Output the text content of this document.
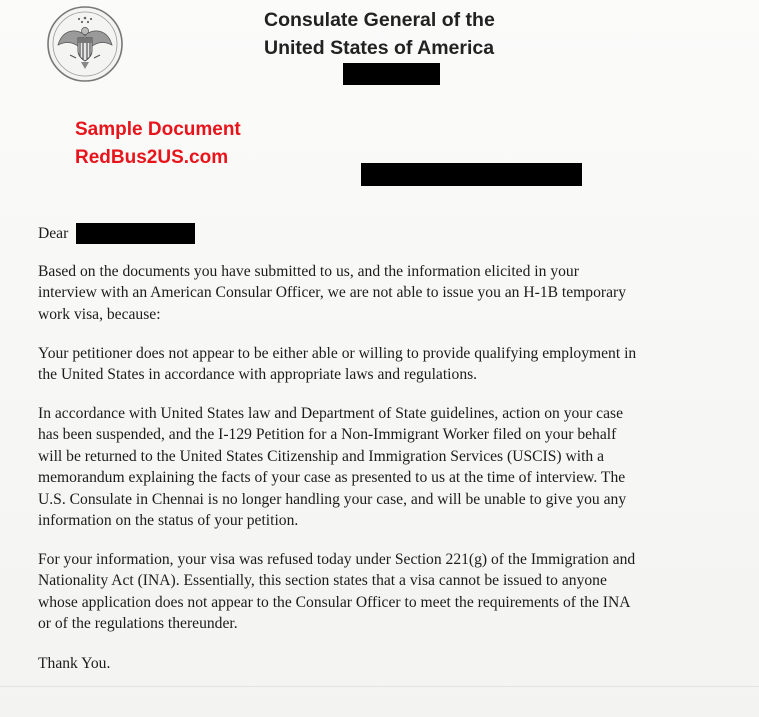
Consulate General of the
United States of America
Sample Document
RedBus2US.com
Dear
Based on the documents you have submitted to us, and the information elicited in your
interview with an American Consular Officer, we are not able to issue you an H-1B temporary
work visa, because:
Your petitioner does not appear to be either able or willing to provide qualifying employment in
the United States in accordance with appropriate laws and regulations.
In accordance with United States law and Department of State guidelines, action on your case
has been suspended, and the I-129 Petition for a Non-Immigrant Worker filed on your behalf
will be returned to the United States Citizenship and Immigration Services (USCIS) with a
memorandum explaining the facts of your case as presented to us at the time of interview. The
U.S. Consulate in Chennai is no longer handling your case, and will be unable to give you any
information on the status of your petition.
For your information, your visa was refused today under Section 221(g) of the Immigration and
Nationality Act (INA). Essentially, this section states that a visa cannot be issued to anyone
whose application does not appear to the Consular Officer to meet the requirements of the INA
or of the regulations thereunder.
Thank You.
